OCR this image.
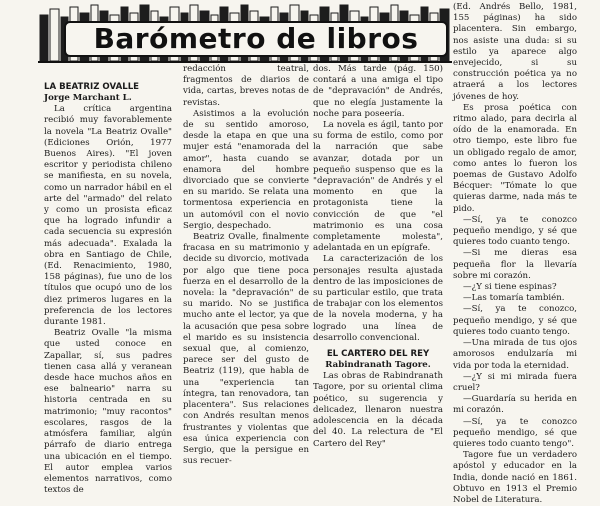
Barómetro de libros

LA BEATRIZ OVALLE

Jorge Marchant L.

La crítica argentina recibió muy favorablemente la novela "La Beatriz Ovalle" (Ediciones Orión, 1977 Buenos Aires). "El joven escritor y periodista chileno se manifiesta, en su novela, como un narrador hábil en el arte del "armado" del relato y como un prosista eficaz que ha logrado infundir a cada secuencia su expresión más adecuada". Exalada la obra en Santiago de Chile, (Ed. Renacimiento, 1980, 158 páginas), fue uno de los títulos que ocupó uno de los diez primeros lugares en la preferencia de los lectores durante 1981.

Beatriz Ovalle "la misma que usted conoce en Zapallar, sí, sus padres tienen casa allá y veranean desde hace muchos años en ese balneario" narra su historia centrada en su matrimonio; "muy racontos" escolares, rasgos de la atmósfera familiar, algún párrafo de diario entrega una ubicación en el tiempo. El autor emplea varios elementos narrativos, como textos de

redacción teatral, fragmentos de diarios de vida, cartas, breves notas de revistas.

Asistimos a la evolución de su sentido amoroso, desde la etapa en que una mujer está "enamorada del amor", hasta cuando se enamora del hombre divorciado que se convierte en su marido. Se relata una tormentosa experiencia en un automóvil con el novio Sergio, despechado.

Beatriz Ovalle, finalmente fracasa en su matrimonio y decide su divorcio, motivada por algo que tiene poca fuerza en el desarrollo de la novela: la "depravación" de su marido. No se justifica mucho ante el lector, ya que la acusación que pesa sobre el marido es su insistencia sexual que, al comienzo, parece ser del gusto de Beatriz (119), que habla de una "experiencia tan íntegra, tan renovadora, tan placentera". Sus relaciones con Andrés resultan menos frustrantes y violentas que esa única experiencia con Sergio, que la persigue en sus recuer-

dos. Más tarde (pág. 150) contará a una amiga el tipo de "depravación" de Andrés, que no elegía justamente la noche para poseería.

La novela es ágil, tanto por su forma de estilo, como por la narración que sabe avanzar, dotada por un pequeño suspenso que es la "depravación" de Andrés y el momento en que la protagonista tiene la convicción de que "el matrimonio es una cosa completamente molesta", adelantada en un epígrafe.

La caracterización de los personajes resulta ajustada dentro de las imposiciones de su particular estilo, que trata de trabajar con los elementos de la novela moderna, y ha logrado una línea de desarrollo convencional.

EL CARTERO DEL REY

Rabindranath Tagore.

Las obras de Rabindranath Tagore, por su oriental clima poético, su sugerencia y delicadez, llenaron nuestra adolescencia en la década del 40. La relectura de "El Cartero del Rey"

(Ed. Andrés Bello, 1981, 155 páginas) ha sido placentera. Sin embargo, nos asiste una duda: si su estilo ya aparece algo envejecido, si su construcción poética ya no atraerá a los lectores jóvenes de hoy.

Es prosa poética con ritmo alado, para decirla al oído de la enamorada. En otro tiempo, este libro fue un obligado regalo de amor, como antes lo fueron los poemas de Gustavo Adolfo Bécquer: "Tómate lo que quieras darme, nada más te pido.

—Sí, ya te conozco pequeño mendigo, y sé que quieres todo cuanto tengo.

—Si me dieras esa pequeña flor la llevaría sobre mi corazón.

—¿Y si tiene espinas?

—Las tomaría también.

—Sí, ya te conozco, pequeño mendigo, y sé que quieres todo cuanto tengo.

—Una mirada de tus ojos amorosos endulzaría mi vida por toda la eternidad.

—¿Y si mi mirada fuera cruel?

—Guardaría su herida en mi corazón.

—Sí, ya te conozco pequeño mendigo, sé que quieres todo cuanto tengo".

Tagore fue un verdadero apóstol y educador en la India, donde nació en 1861. Obtuvo en 1913 el Premio Nobel de Literatura.
